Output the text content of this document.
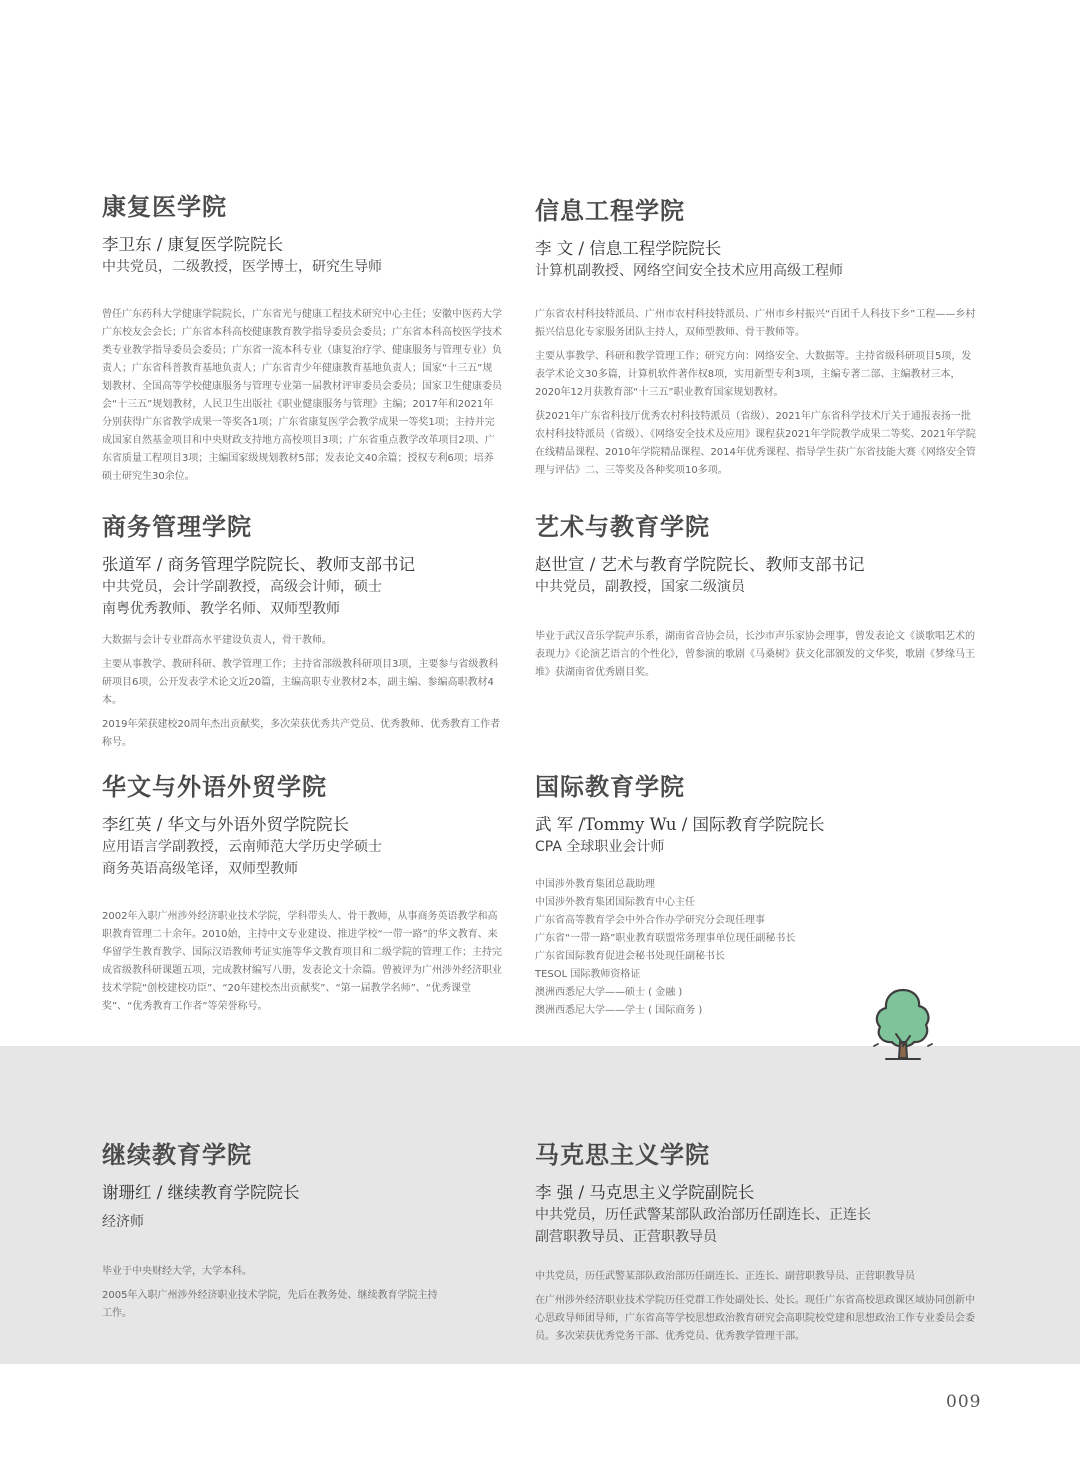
康复医学院
李卫东 / 康复医学院院长
中共党员，二级教授，医学博士，研究生导师

曾任广东药科大学健康学院院长，广东省光与健康工程技术研究中心主任；安徽中医药大学广东校友会会长；广东省本科高校健康教育教学指导委员会委员；广东省本科高校医学技术类专业教学指导委员会委员；广东省一流本科专业（康复治疗学、健康服务与管理专业）负责人；广东省科普教育基地负责人；广东省青少年健康教育基地负责人；国家“十三五”规划教材、全国高等学校健康服务与管理专业第一届教材评审委员会委员；国家卫生健康委员会“十三五”规划教材，人民卫生出版社《职业健康服务与管理》主编；2017年和2021年分别获得广东省教学成果一等奖各1项；广东省康复医学会教学成果一等奖1项；主持并完成国家自然基金项目和中央财政支持地方高校项目3项；广东省重点教学改革项目2项、广东省质量工程项目3项；主编国家级规划教材5部；发表论文40余篇；授权专利6项；培养硕士研究生30余位。

信息工程学院
李 文 / 信息工程学院院长
计算机副教授、网络空间安全技术应用高级工程师

广东省农村科技特派员、广州市农村科技特派员、广州市乡村振兴“百团千人科技下乡”工程——乡村振兴信息化专家服务团队主持人，双师型教师、骨干教师等。

主要从事教学、科研和教学管理工作；研究方向：网络安全、大数据等。主持省级科研项目5项，发表学术论文30多篇，计算机软件著作权8项，实用新型专利3项，主编专著二部、主编教材三本，2020年12月获教育部“十三五”职业教育国家规划教材。

获2021年广东省科技厅优秀农村科技特派员（省级）、2021年广东省科学技术厅关于通报表扬一批农村科技特派员（省级）、《网络安全技术及应用》课程获2021年学院教学成果二等奖、2021年学院在线精品课程、2010年学院精品课程、2014年优秀课程、指导学生获广东省技能大赛《网络安全管理与评估》二、三等奖及各种奖项10多项。

商务管理学院
张道军 / 商务管理学院院长、教师支部书记
中共党员，会计学副教授，高级会计师，硕士
南粤优秀教师、教学名师、双师型教师

大数据与会计专业群高水平建设负责人，骨干教师。

主要从事教学、教研科研、教学管理工作；主持省部级教科研项目3项，主要参与省级教科研项目6项，公开发表学术论文近20篇，主编高职专业教材2本，副主编、参编高职教材4本。

2019年荣获建校20周年杰出贡献奖，多次荣获优秀共产党员、优秀教师、优秀教育工作者称号。

艺术与教育学院
赵世宣 / 艺术与教育学院院长、教师支部书记
中共党员，副教授，国家二级演员

毕业于武汉音乐学院声乐系，湖南省音协会员，长沙市声乐家协会理事，曾发表论文《谈歌唱艺术的表现力》《论演艺语言的个性化》，曾参演的歌剧《马桑树》获文化部颁发的文华奖，歌剧《梦缘马王堆》获湖南省优秀剧目奖。

华文与外语外贸学院
李红英 / 华文与外语外贸学院院长
应用语言学副教授，云南师范大学历史学硕士
商务英语高级笔译，双师型教师

2002年入职广州涉外经济职业技术学院，学科带头人、骨干教师，从事商务英语教学和高职教育管理二十余年。2010始，主持中文专业建设、推进学校“一带一路”的华文教育、来华留学生教育教学、国际汉语教师考证实施等华文教育项目和二级学院的管理工作；主持完成省级教科研课题五项，完成教材编写八册，发表论文十余篇。曾被评为广州涉外经济职业技术学院“创校建校功臣”、“20年建校杰出贡献奖”、“第一届教学名师”、“优秀课堂奖”、“优秀教育工作者”等荣誉称号。

国际教育学院
武 军 /Tommy Wu / 国际教育学院院长
CPA 全球职业会计师
中国涉外教育集团总裁助理
中国涉外教育集团国际教育中心主任
广东省高等教育学会中外合作办学研究分会现任理事
广东省“一带一路”职业教育联盟常务理事单位现任副秘书长
广东省国际教育促进会秘书处现任副秘书长
TESOL 国际教师资格证
澳洲西悉尼大学——硕士 ( 金融 )
澳洲西悉尼大学——学士 ( 国际商务 )
继续教育学院
谢珊红 / 继续教育学院院长
经济师

毕业于中央财经大学，大学本科。

2005年入职广州涉外经济职业技术学院，先后在教务处、继续教育学院主持工作。

马克思主义学院
李 强 / 马克思主义学院副院长
中共党员，历任武警某部队政治部历任副连长、正连长
副营职教导员、正营职教导员

中共党员，历任武警某部队政治部历任副连长、正连长、副营职教导员、正营职教导员

在广州涉外经济职业技术学院历任党群工作处副处长、处长。现任广东省高校思政课区域协同创新中心思政导师团导师，广东省高等学校思想政治教育研究会高职院校党建和思想政治工作专业委员会委员。多次荣获优秀党务干部、优秀党员、优秀教学管理干部。

009
